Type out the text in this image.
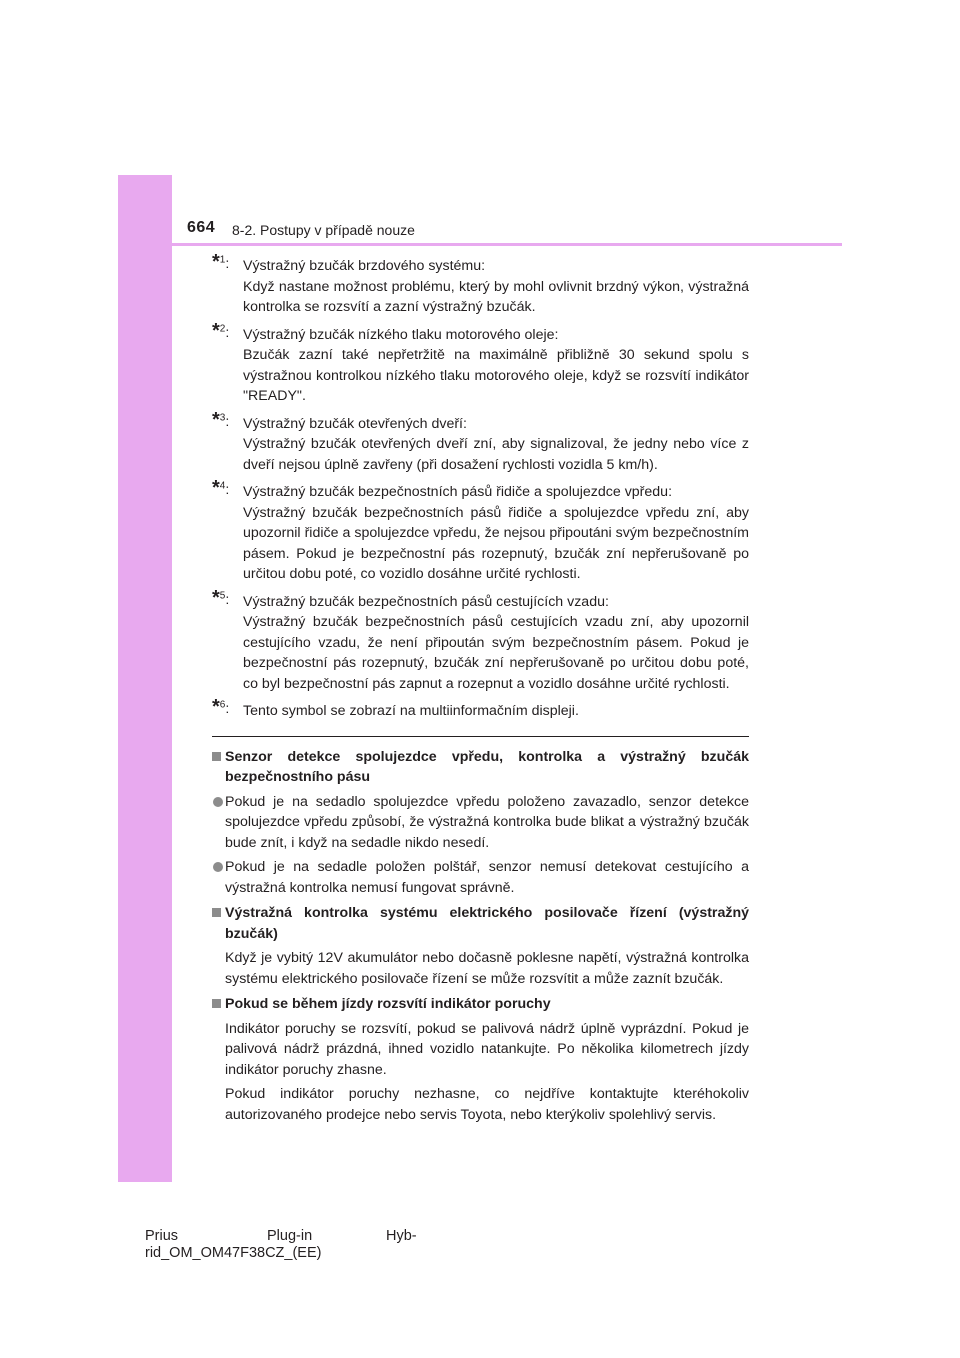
664 8-2. Postupy v případě nouze
*$^1$: Výstražný bzučák brzdového systému:
Když nastane možnost problému, který by mohl ovlivnit brzdný výkon, výstražná kontrolka se rozsvítí a zazní výstražný bzučák.
*$^2$: Výstražný bzučák nízkého tlaku motorového oleje:
Bzučák zazní také nepřetržitě na maximálně přibližně 30 sekund spolu s výstražnou kontrolkou nízkého tlaku motorového oleje, když se rozsvítí indikátor "READY".
*$^3$: Výstražný bzučák otevřených dveří:
Výstražný bzučák otevřených dveří zní, aby signalizoval, že jedny nebo více z dveří nejsou úplně zavřeny (při dosažení rychlosti vozidla 5 km/h).
*$^4$: Výstražný bzučák bezpečnostních pásů řidiče a spolujezdce vpředu:
Výstražný bzučák bezpečnostních pásů řidiče a spolujezdce vpředu zní, aby upozornil řidiče a spolujezdce vpředu, že nejsou připoutáni svým bezpečnostním pásem. Pokud je bezpečnostní pás rozepnutý, bzučák zní nepřerušovaně po určitou dobu poté, co vozidlo dosáhne určité rychlosti.
*$^5$: Výstražný bzučák bezpečnostních pásů cestujících vzadu:
Výstražný bzučák bezpečnostních pásů cestujících vzadu zní, aby upozornil cestujícího vzadu, že není připoután svým bezpečnostním pásem. Pokud je bezpečnostní pás rozepnutý, bzučák zní nepřerušovaně po určitou dobu poté, co byl bezpečnostní pás zapnut a rozepnut a vozidlo dosáhne určité rychlosti.
*$^6$: Tento symbol se zobrazí na multiinformačním displeji.
Senzor detekce spolujezdce vpředu, kontrolka a výstražný bzučák bezpečnostního pásu
Pokud je na sedadlo spolujezdce vpředu položeno zavazadlo, senzor detekce spolujezdce vpředu způsobí, že výstražná kontrolka bude blikat a výstražný bzučák bude znít, i když na sedadle nikdo nesedí.
Pokud je na sedadle položen polštář, senzor nemusí detekovat cestujícího a výstražná kontrolka nemusí fungovat správně.
Výstražná kontrolka systému elektrického posilovače řízení (výstražný bzučák)
Když je vybitý 12V akumulátor nebo dočasně poklesne napětí, výstražná kontrolka systému elektrického posilovače řízení se může rozsvítit a může zaznít bzučák.
Pokud se během jízdy rozsvítí indikátor poruchy
Indikátor poruchy se rozsvítí, pokud se palivová nádrž úplně vyprázdní. Pokud je palivová nádrž prázdná, ihned vozidlo natankujte. Po několika kilometrech jízdy indikátor poruchy zhasne.
Pokud indikátor poruchy nezhasne, co nejdříve kontaktujte kteréhokoliv autorizovaného prodejce nebo servis Toyota, nebo kterýkoliv spolehlivý servis.
Prius	Plug-in	Hyb-
rid_OM_OM47F38CZ_(EE)
